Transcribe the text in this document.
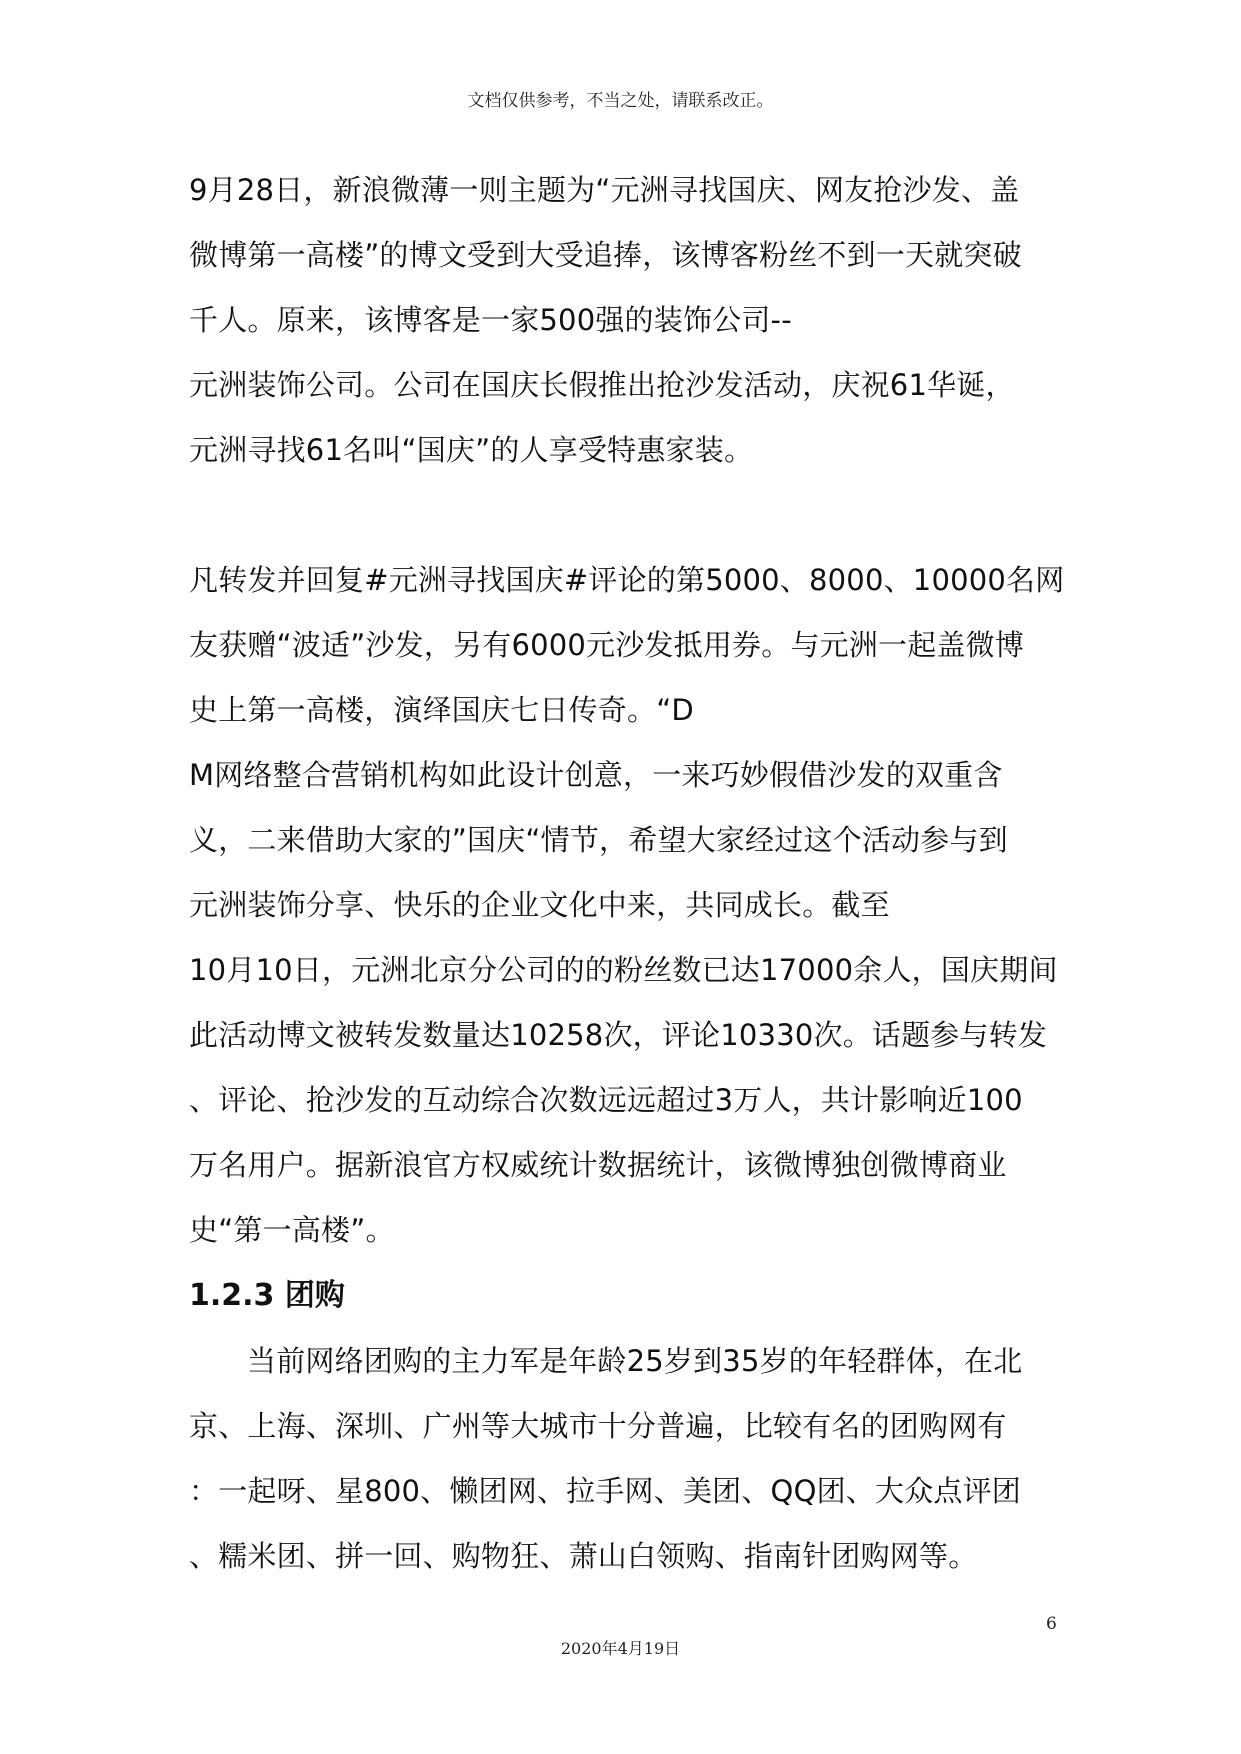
文档仅供参考，不当之处，请联系改正。
9月28日，新浪微薄一则主题为“元洲寻找国庆、网友抢沙发、盖
微博第一高楼”的博文受到大受追捧，该博客粉丝不到一天就突破
千人。原来，该博客是一家500强的装饰公司--
元洲装饰公司。公司在国庆长假推出抢沙发活动，庆祝61华诞，
元洲寻找61名叫“国庆”的人享受特惠家装。
凡转发并回复#元洲寻找国庆#评论的第5000、8000、10000名网
友获赠“波适”沙发，另有6000元沙发抵用券。与元洲一起盖微博
史上第一高楼，演绎国庆七日传奇。“D
M网络整合营销机构如此设计创意，一来巧妙假借沙发的双重含
义，二来借助大家的”国庆“情节，希望大家经过这个活动参与到
元洲装饰分享、快乐的企业文化中来，共同成长。截至
10月10日，元洲北京分公司的的粉丝数已达17000余人，国庆期间
此活动博文被转发数量达10258次，评论10330次。话题参与转发
、评论、抢沙发的互动综合次数远远超过3万人，共计影响近100
万名用户。据新浪官方权威统计数据统计，该微博独创微博商业
史“第一高楼”。
1.2.3 团购
当前网络团购的主力军是年龄25岁到35岁的年轻群体，在北
京、上海、深圳、广州等大城市十分普遍，比较有名的团购网有
：一起呀、星800、懒团网、拉手网、美团、QQ团、大众点评团
、糯米团、拼一回、购物狂、萧山白领购、指南针团购网等。
6
2020年4月19日
